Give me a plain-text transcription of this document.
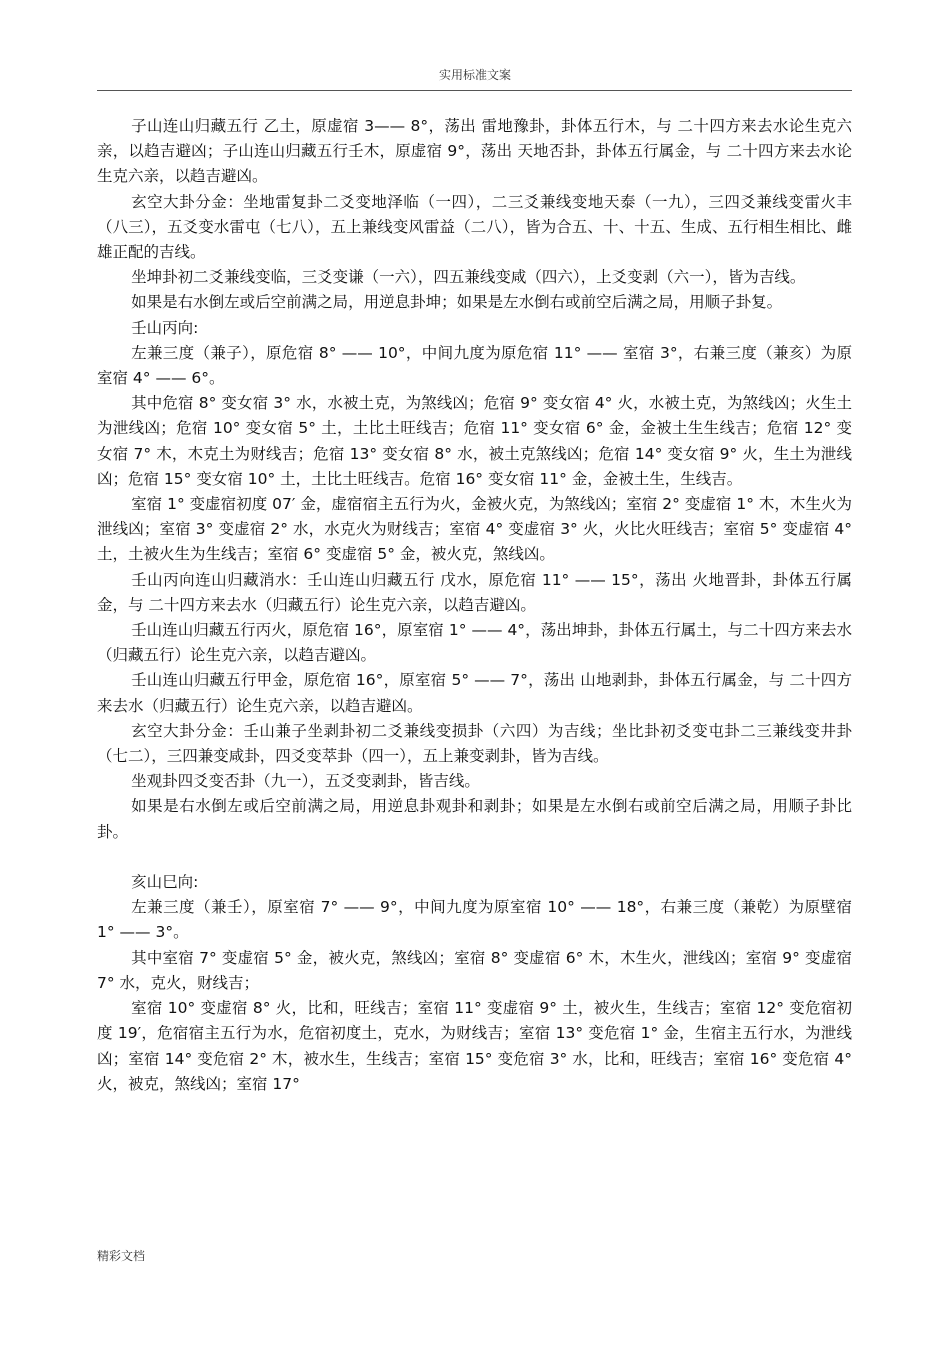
实用标准文案

子山连山归藏五行 乙土，原虚宿 3—— 8°，荡出 雷地豫卦，卦体五行木，与 二十四方来去水论生克六亲，以趋吉避凶；子山连山归藏五行壬木，原虚宿 9°，荡出 天地否卦，卦体五行属金，与 二十四方来去水论生克六亲，以趋吉避凶。

玄空大卦分金：坐地雷复卦二爻变地泽临（一四），二三爻兼线变地天泰（一九），三四爻兼线变雷火丰（八三），五爻变水雷屯（七八），五上兼线变风雷益（二八），皆为合五、十、十五、生成、五行相生相比、雌雄正配的吉线。

坐坤卦初二爻兼线变临，三爻变谦（一六），四五兼线变咸（四六），上爻变剥（六一），皆为吉线。

如果是右水倒左或后空前满之局，用逆息卦坤；如果是左水倒右或前空后满之局，用顺子卦复。

壬山丙向:

左兼三度（兼子），原危宿 8° —— 10°，中间九度为原危宿 11° —— 室宿 3°，右兼三度（兼亥）为原室宿 4° —— 6°。

其中危宿 8° 变女宿 3° 水，水被土克，为煞线凶；危宿 9° 变女宿 4° 火，水被土克，为煞线凶；火生土为泄线凶；危宿 10° 变女宿 5° 土，土比土旺线吉；危宿 11° 变女宿 6° 金，金被土生生线吉；危宿 12° 变女宿 7° 木，木克土为财线吉；危宿 13° 变女宿 8° 水，被土克煞线凶；危宿 14° 变女宿 9° 火，生土为泄线凶；危宿 15° 变女宿 10° 土，土比土旺线吉。危宿 16° 变女宿 11° 金，金被土生，生线吉。

室宿 1° 变虚宿初度 07′ 金，虚宿宿主五行为火，金被火克，为煞线凶；室宿 2° 变虚宿 1° 木，木生火为泄线凶；室宿 3° 变虚宿 2° 水，水克火为财线吉；室宿 4° 变虚宿 3° 火，火比火旺线吉；室宿 5° 变虚宿 4° 土，土被火生为生线吉；室宿 6° 变虚宿 5° 金，被火克，煞线凶。

壬山丙向连山归藏消水：壬山连山归藏五行 戊水，原危宿 11° —— 15°，荡出 火地晋卦，卦体五行属金，与 二十四方来去水（归藏五行）论生克六亲，以趋吉避凶。

壬山连山归藏五行丙火，原危宿 16°，原室宿 1° —— 4°，荡出坤卦，卦体五行属土，与二十四方来去水（归藏五行）论生克六亲，以趋吉避凶。

壬山连山归藏五行甲金，原危宿 16°，原室宿 5° —— 7°，荡出 山地剥卦，卦体五行属金，与 二十四方来去水（归藏五行）论生克六亲，以趋吉避凶。

玄空大卦分金：壬山兼子坐剥卦初二爻兼线变损卦（六四）为吉线；坐比卦初爻变屯卦二三兼线变井卦（七二），三四兼变咸卦，四爻变萃卦（四一），五上兼变剥卦，皆为吉线。

坐观卦四爻变否卦（九一），五爻变剥卦，皆吉线。

如果是右水倒左或后空前满之局，用逆息卦观卦和剥卦；如果是左水倒右或前空后满之局，用顺子卦比卦。

亥山巳向:

左兼三度（兼壬），原室宿 7° —— 9°，中间九度为原室宿 10° —— 18°，右兼三度（兼乾）为原壁宿 1° —— 3°。

其中室宿 7° 变虚宿 5° 金，被火克，煞线凶；室宿 8° 变虚宿 6° 木，木生火，泄线凶；室宿 9° 变虚宿 7° 水，克火，财线吉；

室宿 10° 变虚宿 8° 火，比和，旺线吉；室宿 11° 变虚宿 9° 土，被火生，生线吉；室宿 12° 变危宿初度 19′，危宿宿主五行为水，危宿初度土，克水，为财线吉；室宿 13° 变危宿 1° 金，生宿主五行水，为泄线凶；室宿 14° 变危宿 2° 木，被水生，生线吉；室宿 15° 变危宿 3° 水，比和，旺线吉；室宿 16° 变危宿 4° 火，被克，煞线凶；室宿 17°

精彩文档
